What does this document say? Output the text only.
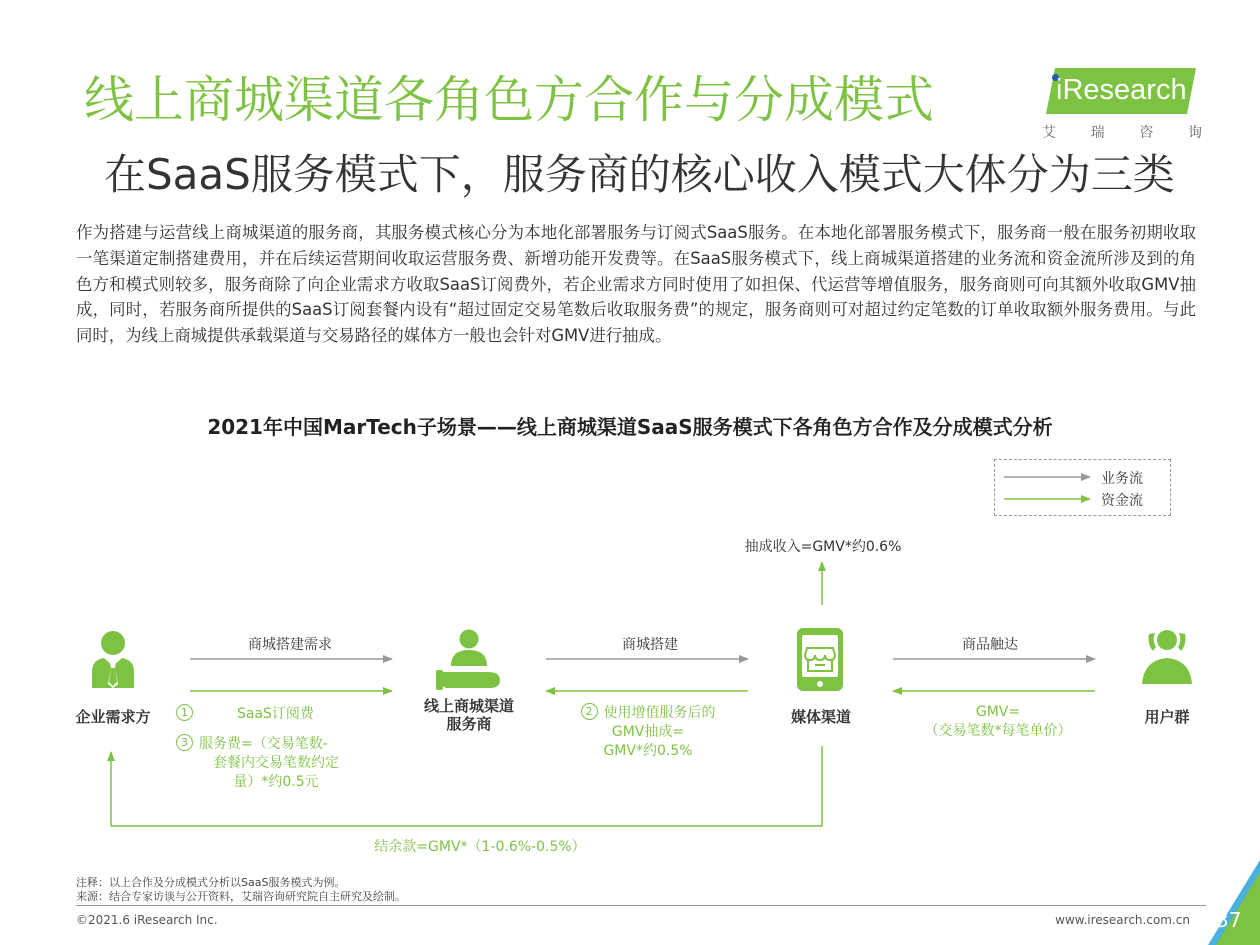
线上商城渠道各角色方合作与分成模式
在SaaS服务模式下，服务商的核心收入模式大体分为三类
iResearch
艾 瑞 咨 询
作为搭建与运营线上商城渠道的服务商，其服务模式核心分为本地化部署服务与订阅式SaaS服务。在本地化部署服务模式下，服务商一般在服务初期收取一笔渠道定制搭建费用，并在后续运营期间收取运营服务费、新增功能开发费等。在SaaS服务模式下，线上商城渠道搭建的业务流和资金流所涉及到的角色方和模式则较多，服务商除了向企业需求方收取SaaS订阅费外，若企业需求方同时使用了如担保、代运营等增值服务，服务商则可向其额外收取GMV抽成，同时，若服务商所提供的SaaS订阅套餐内设有“超过固定交易笔数后收取服务费”的规定，服务商则可对超过约定笔数的订单收取额外服务费用。与此同时，为线上商城提供承载渠道与交易路径的媒体方一般也会针对GMV进行抽成。
2021年中国MarTech子场景——线上商城渠道SaaS服务模式下各角色方合作及分成模式分析
业务流
资金流
企业需求方
线上商城渠道
服务商	媒体渠道	用户群
商城搭建需求	商城搭建	商品触达
抽成收入=GMV*约0.6%
1	SaaS订阅费
3 服务费=（交易笔数-
套餐内交易笔数约定
量）*约0.5元
2 使用增值服务后的
GMV抽成=
GMV*约0.5%
GMV=
（交易笔数*每笔单价）
结余款=GMV*（1-0.6%-0.5%）
注释：以上合作及分成模式分析以SaaS服务模式为例。
来源：结合专家访谈与公开资料，艾瑞咨询研究院自主研究及绘制。
©2021.6 iResearch Inc.	www.iresearch.com.cn 37
